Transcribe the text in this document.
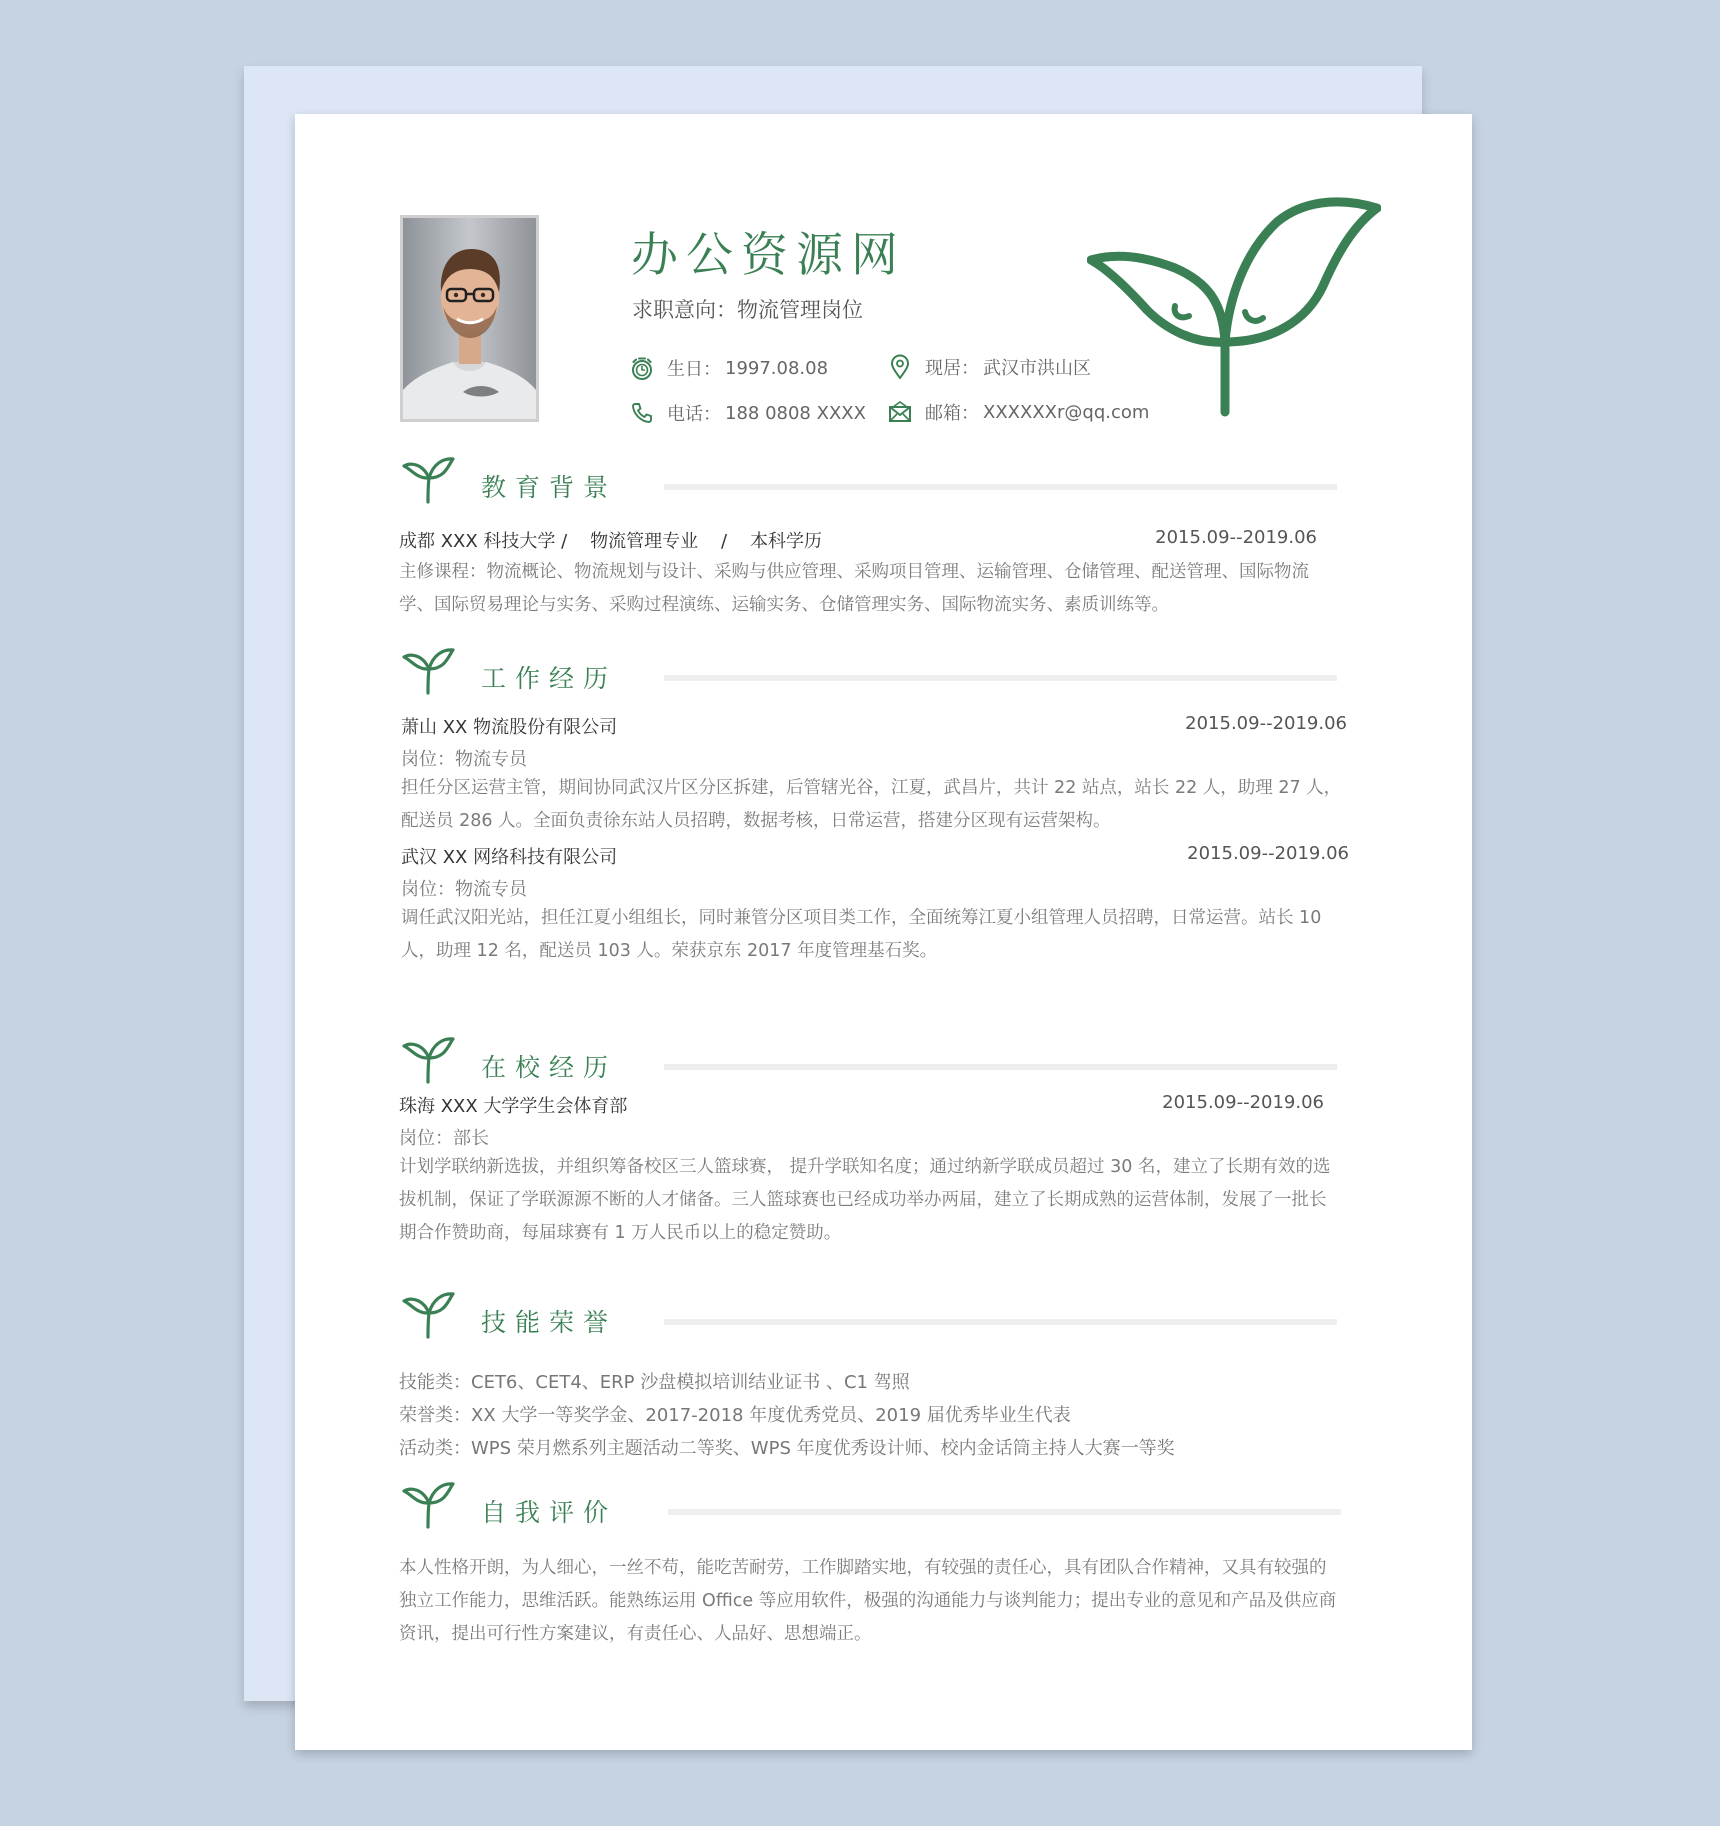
办公资源网
求职意向：物流管理岗位
生日： 1997.08.08	现居： 武汉市洪山区
电话： 188 0808 XXXX	邮箱： XXXXXXr@qq.com
教育背景
成都 XXX 科技大学 /    物流管理专业    /    本科学历	2015.09--2019.06
主修课程：物流概论、物流规划与设计、采购与供应管理、采购项目管理、运输管理、仓储管理、配送管理、国际物流学、国际贸易理论与实务、采购过程演练、运输实务、仓储管理实务、国际物流实务、素质训练等。
工作经历
萧山 XX 物流股份有限公司	2015.09--2019.06
岗位：物流专员
担任分区运营主管，期间协同武汉片区分区拆建，后管辖光谷，江夏，武昌片，共计 22 站点，站长 22 人，助理 27 人，配送员 286 人。全面负责徐东站人员招聘，数据考核，日常运营，搭建分区现有运营架构。
武汉 XX 网络科技有限公司	2015.09--2019.06
岗位：物流专员
调任武汉阳光站，担任江夏小组组长，同时兼管分区项目类工作，全面统筹江夏小组管理人员招聘，日常运营。站长 10 人，助理 12 名，配送员 103 人。荣获京东 2017 年度管理基石奖。
在校经历
珠海 XXX 大学学生会体育部	2015.09--2019.06
岗位：部长
计划学联纳新选拔，并组织筹备校区三人篮球赛， 提升学联知名度；通过纳新学联成员超过 30 名，建立了长期有效的选拔机制，保证了学联源源不断的人才储备。三人篮球赛也已经成功举办两届，建立了长期成熟的运营体制，发展了一批长期合作赞助商，每届球赛有 1 万人民币以上的稳定赞助。
技能荣誉
技能类：CET6、CET4、ERP 沙盘模拟培训结业证书 、C1 驾照
荣誉类：XX 大学一等奖学金、2017-2018 年度优秀党员、2019 届优秀毕业生代表
活动类：WPS 荣月燃系列主题活动二等奖、WPS 年度优秀设计师、校内金话筒主持人大赛一等奖
自我评价
本人性格开朗，为人细心，一丝不苟，能吃苦耐劳，工作脚踏实地，有较强的责任心，具有团队合作精神，又具有较强的独立工作能力，思维活跃。能熟练运用 Office 等应用软件，极强的沟通能力与谈判能力；提出专业的意见和产品及供应商资讯，提出可行性方案建议，有责任心、人品好、思想端正。
